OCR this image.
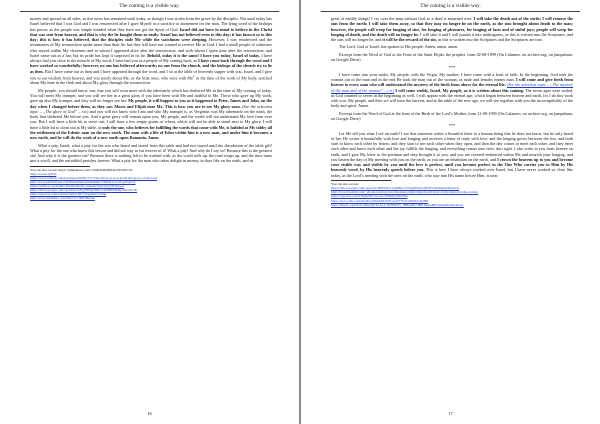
The coming is a visible way.

money and spread on all sides, as this news has remained until today, as though I was stolen from the grave by the disciples. Not until today has Israel believed that I was God and I was resurrected after I gave Myself as a sacrifice of atonement for the man. The lying word of the bishops has power, as the people was simple minded when they have not got the Spirit of God. Israel did not have in mind to believe in the Christ that was sent from heaven, and that is why the lie bought them so easily. Israel has not believed even to this day; it has known so to this day; this is how it has believed, that the disciples stole Me while the watchmen were sleeping. However, I was resurrected and the testimonies of My resurrection spoke more than their lie, but they still have not wanted to receive Me as God. I had a small people of witnesses who stayed within My closeness and to whom I appeared alive after the resurrection, and with whom I spent time after the resurrection, and Israel came out as a liar, but its pride has kept it surprised in its lie. Behold, today it is the same! I have you today, Israel of today. I have always had you close to the miracle of My word; I have had you as a people of My coming back, as I have come back through the word and I have worked so wonderfully; however, no one has believed afterwards; no one from the church, and the bishops of the church try to lie as then. But I have come out as then and I have appeared through the word, and I sit at the table of heavenly supper with you, Israel, and I give you to eat wisdom from heaven, and you testify about Me; as the little ones, who were with Me$^1$ in the time of the work of My body, testified about My time in the flesh and about My glory through the resurrection.

My people, you should know, son, that you will soon meet with the tabernacle which has sheltered Me in the time of My coming of today. You will meet My trumpet, and you will see her in a great glory if you have been with Me and faithful to Me. Those who gave up My work, gave up also My trumpet, and they will no longer see her. My people, it will happen to you as it happened to Peter, James and John, on the day when I changed before them, as they saw Moses and Elijah near Me. This is how you are to see My glory soon. (See the selection topic – „The glory of God” – r.n.) and you will not know who I am and who My trumpet is, as Verginius was My tabernacle on the earth, the body that sheltered Me before you. And a great glory will remain upon you, My people, and the world will not understand My love from over you. But I will have a little bit to serve out; I still have a few empty grains of wheat, which will not be able to stand next to My glory. I will have a little bit to clean out at My table, as only the one, who believes for fulfilling the words that come with Me, is faithful at My table; all the settlement of the Edenic man on the new earth. The man with a life of Eden within him is a new man, and under him it becomes a new earth, and he will do the work of a new earth upon Romania. Amen.

What a pity, Israel, what a pity for the son who heard and tasted from this table and had not stayed until the dissolution of the table gift! What a pity for the one who knew this lesson and did not stay to eat forever of it! What a pity! And why do I say so? Because this is the greatest sin! And why it is the greatest sin? Because there is nothing left to be washed with, as the scroll rolls up, the road wraps up, and the time turns into a scroll, and the unfaithful perishes forever. What a pity for the man who takes delight in money, in days like on the earth, and in

You can also access: https://jumpahura.com/v/XMuX4KP0KmaYEidWvXs
https://zoom.ig/P4s
https://www.scribd.com/document/394567571/The-Word-of-God-about-the-glory-of-the-God
http://www.pathcritique.com/Presentation/bdjdiahaz-16416/1-word-god-glory
https://archive.org/details/TheWordOfGodAboutTheGloryOfTheGod
https://drive.google.com/open?id=1eEgd7Phqbl8WcwsNzBtK4bRjs4mw9VlX
https://app.box.com/s/mtrnz5fgzsw9dt7r9ogdpa1d13tnp
http://www.mediafire.com/file/x7c1fk0bd6n4de
16
The coming is a visible way.

great of earthly things! I cry over the man without God as a dead is mourned over. I will take the death out of the earth; I will remove the sins from the earth; I will take them away, so that they may no longer be on the earth, as the sins brought about death to the man; however, the people will weep for longing of sins, for longing of pleasures, for longing of lusts and of sinful joys; people will weep for longing of death, and the death will no longer be. I will take it and I will punish it into nothingness, as this is written into the Scriptures, and the sins will no longer be, and it will be the reward of the sin, as this is written into the Scriptures and the Scriptures are true.

The Lord, God of Israel, has spoken to His people. Amen, amen, amen.

Excerpt from the Word of God at the Feast of the Saint Elijah, the prophet, from 02-08-1999 (On Calameo, on archive.org, on jumpahura, on Google Drive)

***

I have come into your midst, My people, with the Virgin, My mother; I have come with a feast of faith. In the beginning, God took the woman out of the man and in the end He took the man out of the woman, as male and female; means man. I will come and give birth from heaven to every man who will understand the mystery of the birth from above for the eternal life. (See the selection topic – „The mystery of the man and of the woman” – r.n.) I will come visibly, Israel, My people, as it is written about this coming. The seven ages were sealed, as God counted to seven in the beginning as well. I will appear with the eternal age, which began between heaven and earth, for I do this work with you, My people, and then we will have the harvest, and at the table of the new age, we will see together with you the incorruptibility of the body and spirit. Amen.

Excerpt from the Word of God at the feast of the Birth of the Lord’s Mother, from 21-09-1995 (On Calameo, on archive.org, on jumpahura, on Google Drive)

***

Let Me tell you what I see on earth! I see that someone writes a beautiful letter to a human being that he does not know, but he only heard of her. He writes it beautifully with love and longing and receives a letter of reply with love, and the longing grows between the two, and both start to know each other by letters; and they start to see each other when they open, and then the day comes to meet each other, and they meet each other and know each other and the joy fulfills the longing, and everything comes into view, into sight. I also write to you from heaven on earth, and I give My letter to the postman and they brought it to you, and you are covered embraced within Me and nourish your longing, and you hasten the day of My meeting with you on the earth, as you are an inhabitant on the earth, and I crown the heavens up to you and become your visible way and visible by you until the love is perfect, until you become perfect in the One Who carries you to Him by His heavenly word, by His heavenly speech before you. This is how I have always worked over Israel, but I have never worked so close like today, as the Lord’s meeting with the ones on the earth, who stay into His name before Him, is near.

You can also access:
https://drive.google.com/open?id=0B0VNo11gXPRpcJ2YjQ0NGZQNlZIVXD3dkatchfuun=0
http://www.bookrix.com/_ebook-word-god-at-the-feast-celebrating-the-mystery-of-the-man-and-the-woman
https://app.box.com/s/f6g0r68vwe14wz2Z9jtflq5uhfdtju
https://docs.zohr.com/file/6rvjzZhrih933d75c4ef277b1d12095l2c4b989
https://tmpia.org/url?d=30zgvgKZ1Aa1c1RX9lc03_7H&tedE74Hh/hdqbsBPV4tm4r8f29ac4bayc
17
